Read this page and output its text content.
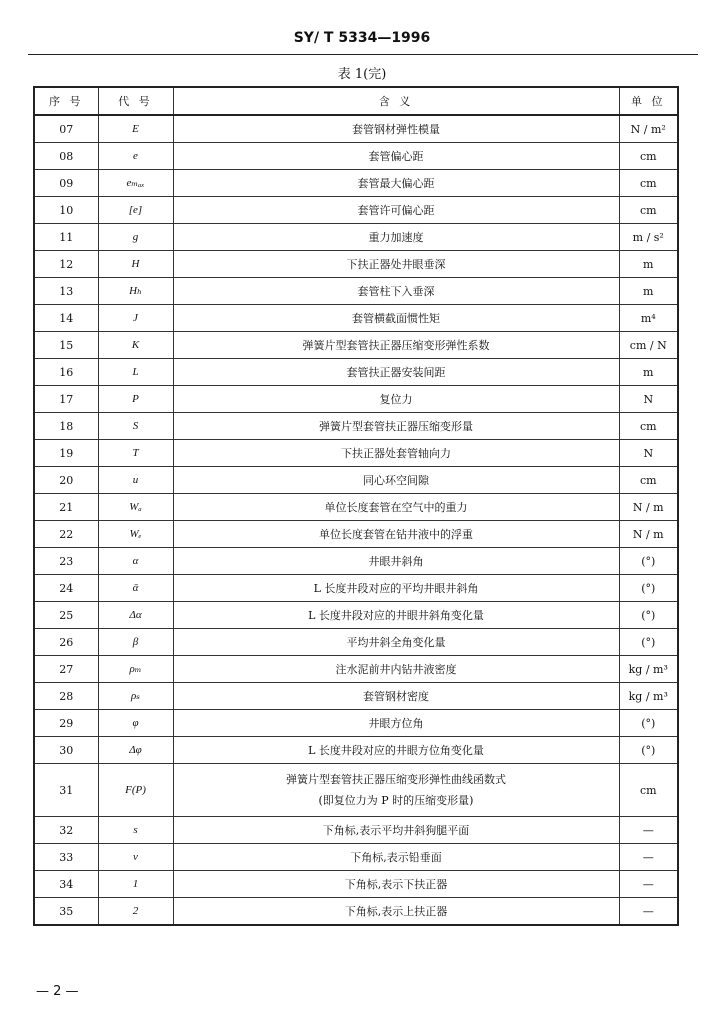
SY/ T 5334—1996
表 1(完)
序 号	代 号	含 义	单 位
07	E	套管钢材弹性模量	N / m²
08	e	套管偏心距	cm
09	eₘₐₓ	套管最大偏心距	cm
10	[e]	套管许可偏心距	cm
11	g	重力加速度	m / s²
12	H	下扶正器处井眼垂深	m
13	Hₕ	套管柱下入垂深	m
14	J	套管横截面惯性矩	m⁴
15	K	弹簧片型套管扶正器压缩变形弹性系数	cm / N
16	L	套管扶正器安装间距	m
17	P	复位力	N
18	S	弹簧片型套管扶正器压缩变形量	cm
19	T	下扶正器处套管轴向力	N
20	u	同心环空间隙	cm
21	Wₐ	单位长度套管在空气中的重力	N / m
22	Wₑ	单位长度套管在钻井液中的浮重	N / m
23	α	井眼井斜角	(°)
24	ᾱ	L 长度井段对应的平均井眼井斜角	(°)
25	Δα	L 长度井段对应的井眼井斜角变化量	(°)
26	β	平均井斜全角变化量	(°)
27	ρₘ	注水泥前井内钻井液密度	kg / m³
28	ρₛ	套管钢材密度	kg / m³
29	φ	井眼方位角	(°)
30	Δφ	L 长度井段对应的井眼方位角变化量	(°)
31	F(P)	弹簧片型套管扶正器压缩变形弹性曲线函数式
(即复位力为 P 时的压缩变形量)	cm
32	s	下角标,表示平均井斜狗腿平面	—
33	v	下角标,表示铅垂面	—
34	1	下角标,表示下扶正器	—
35	2	下角标,表示上扶正器	—
— 2 —
